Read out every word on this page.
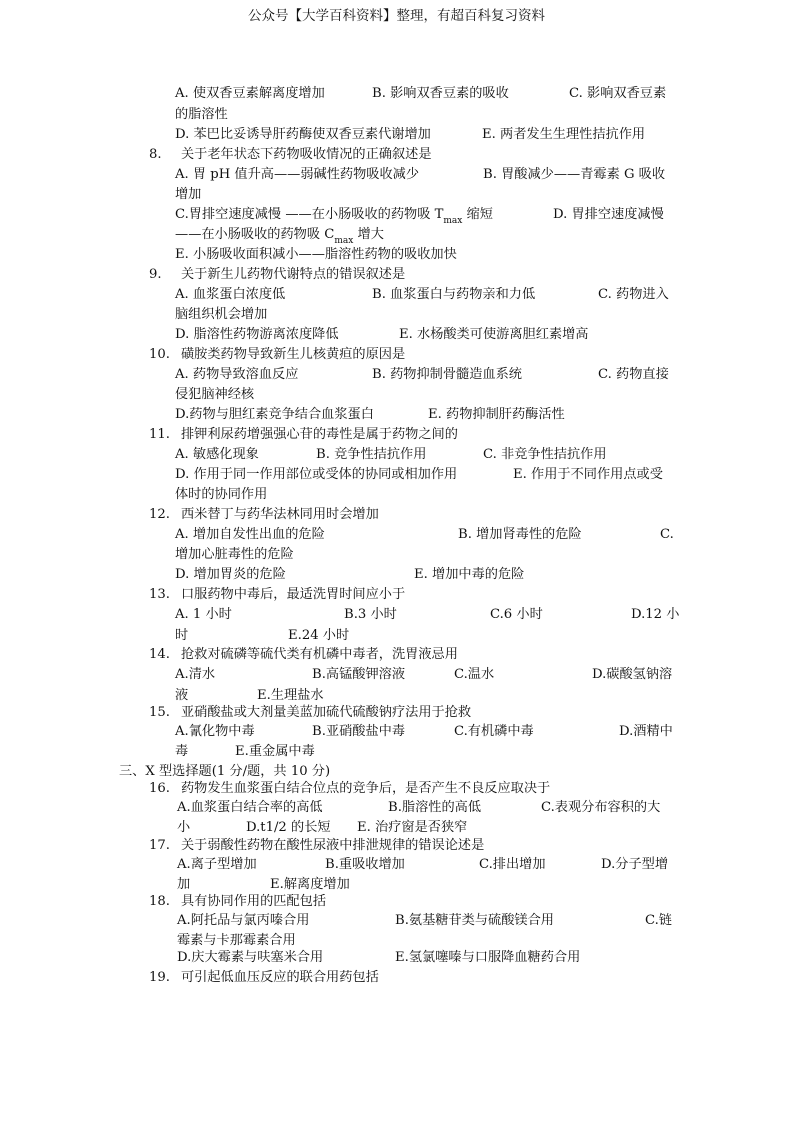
公众号【大学百科资料】整理，有超百科复习资料
A. 使双香豆素解离度增加	B. 影响双香豆素的吸收	C. 影响双香豆素
的脂溶性
D. 苯巴比妥诱导肝药酶使双香豆素代谢增加	E. 两者发生生理性拮抗作用
8. 关于老年状态下药物吸收情况的正确叙述是
A. 胃 pH 值升高——弱碱性药物吸收减少	B. 胃酸减少——青霉素 G 吸收
增加
C.胃排空速度减慢 ——在小肠吸收的药物吸 $T_{max}$ 缩短	D. 胃排空速度减慢
——在小肠吸收的药物吸 $C_{max}$ 增大
E. 小肠吸收面积减小——脂溶性药物的吸收加快
9. 关于新生儿药物代谢特点的错误叙述是
A. 血浆蛋白浓度低	B. 血浆蛋白与药物亲和力低	C. 药物进入
脑组织机会增加
D. 脂溶性药物游离浓度降低	E. 水杨酸类可使游离胆红素增高
10. 磺胺类药物导致新生儿核黄疸的原因是
A. 药物导致溶血反应	B. 药物抑制骨髓造血系统	C. 药物直接
侵犯脑神经核
D.药物与胆红素竞争结合血浆蛋白	E. 药物抑制肝药酶活性
11. 排钾利尿药增强强心苷的毒性是属于药物之间的
A. 敏感化现象	B. 竞争性拮抗作用	C. 非竞争性拮抗作用
D. 作用于同一作用部位或受体的协同或相加作用	E. 作用于不同作用点或受
体时的协同作用
12. 西米替丁与药华法林同用时会增加
A. 增加自发性出血的危险	B. 增加肾毒性的危险	C.
增加心脏毒性的危险
D. 增加胃炎的危险	E. 增加中毒的危险
13. 口服药物中毒后，最适洗胃时间应小于
A. 1 小时	B.3 小时	C.6 小时	D.12 小
时	E.24 小时
14. 抢救对硫磷等硫代类有机磷中毒者，洗胃液忌用
A.清水	B.高锰酸钾溶液	C.温水	D.碳酸氢钠溶
液	E.生理盐水
15. 亚硝酸盐或大剂量美蓝加硫代硫酸钠疗法用于抢救
A.氰化物中毒	B.亚硝酸盐中毒	C.有机磷中毒	D.酒精中
毒	E.重金属中毒
三、X 型选择题(1 分/题，共 10 分)
16. 药物发生血浆蛋白结合位点的竞争后，是否产生不良反应取决于
A.血浆蛋白结合率的高低	B.脂溶性的高低	C.表观分布容积的大
小	D.t1/2 的长短 E. 治疗窗是否狭窄
17. 关于弱酸性药物在酸性尿液中排泄规律的错误论述是
A.离子型增加	B.重吸收增加	C.排出增加	D.分子型增
加	E.解离度增加
18. 具有协同作用的匹配包括
A.阿托品与氯丙嗪合用	B.氨基糖苷类与硫酸镁合用	C.链
霉素与卡那霉素合用
D.庆大霉素与呋塞米合用	E.氢氯噻嗪与口服降血糖药合用
19. 可引起低血压反应的联合用药包括
